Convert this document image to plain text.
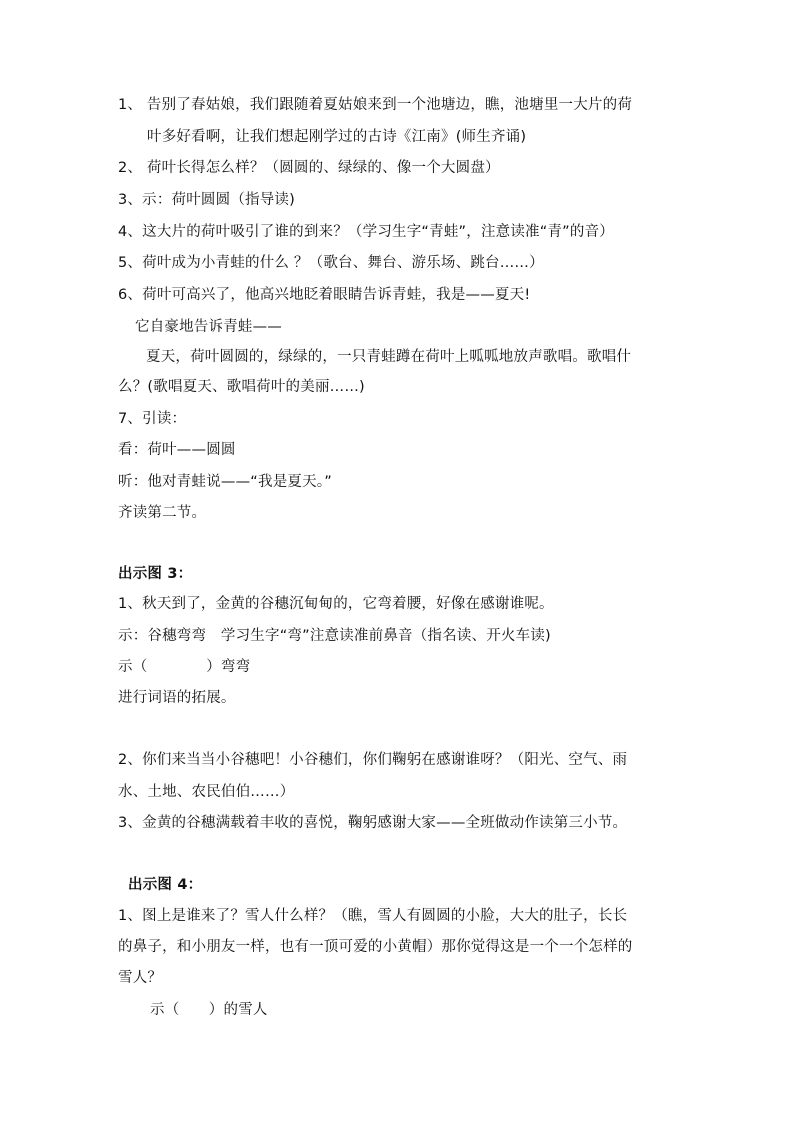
1、 告别了春姑娘，我们跟随着夏姑娘来到一个池塘边，瞧，池塘里一大片的荷
叶多好看啊，让我们想起刚学过的古诗《江南》(师生齐诵)
2、 荷叶长得怎么样？（圆圆的、绿绿的、像一个大圆盘）
3、示：荷叶圆圆（指导读)
4、这大片的荷叶吸引了谁的到来？（学习生字“青蛙”，注意读准“青”的音）
5、荷叶成为小青蛙的什么 ？（歌台、舞台、游乐场、跳台……）
6、荷叶可高兴了，他高兴地眨着眼睛告诉青蛙，我是——夏天!
它自豪地告诉青蛙——
夏天，荷叶圆圆的，绿绿的，一只青蛙蹲在荷叶上呱呱地放声歌唱。歌唱什
么？(歌唱夏天、歌唱荷叶的美丽……)
7、引读：
看：荷叶——圆圆
听：他对青蛙说——“我是夏天。”
齐读第二节。
出示图 3：
1、秋天到了，金黄的谷穗沉甸甸的，它弯着腰，好像在感谢谁呢。
示：谷穗弯弯　学习生字“弯”注意读准前鼻音（指名读、开火车读)
示（　　　　）弯弯
进行词语的拓展。
2、你们来当当小谷穗吧！小谷穗们，你们鞠躬在感谢谁呀？（阳光、空气、雨
水、土地、农民伯伯……）
3、金黄的谷穗满载着丰收的喜悦，鞠躬感谢大家——全班做动作读第三小节。
出示图 4：
1、图上是谁来了？雪人什么样？（瞧，雪人有圆圆的小脸，大大的肚子，长长
的鼻子，和小朋友一样，也有一顶可爱的小黄帽）那你觉得这是一个一个怎样的
雪人？
示（　　）的雪人
